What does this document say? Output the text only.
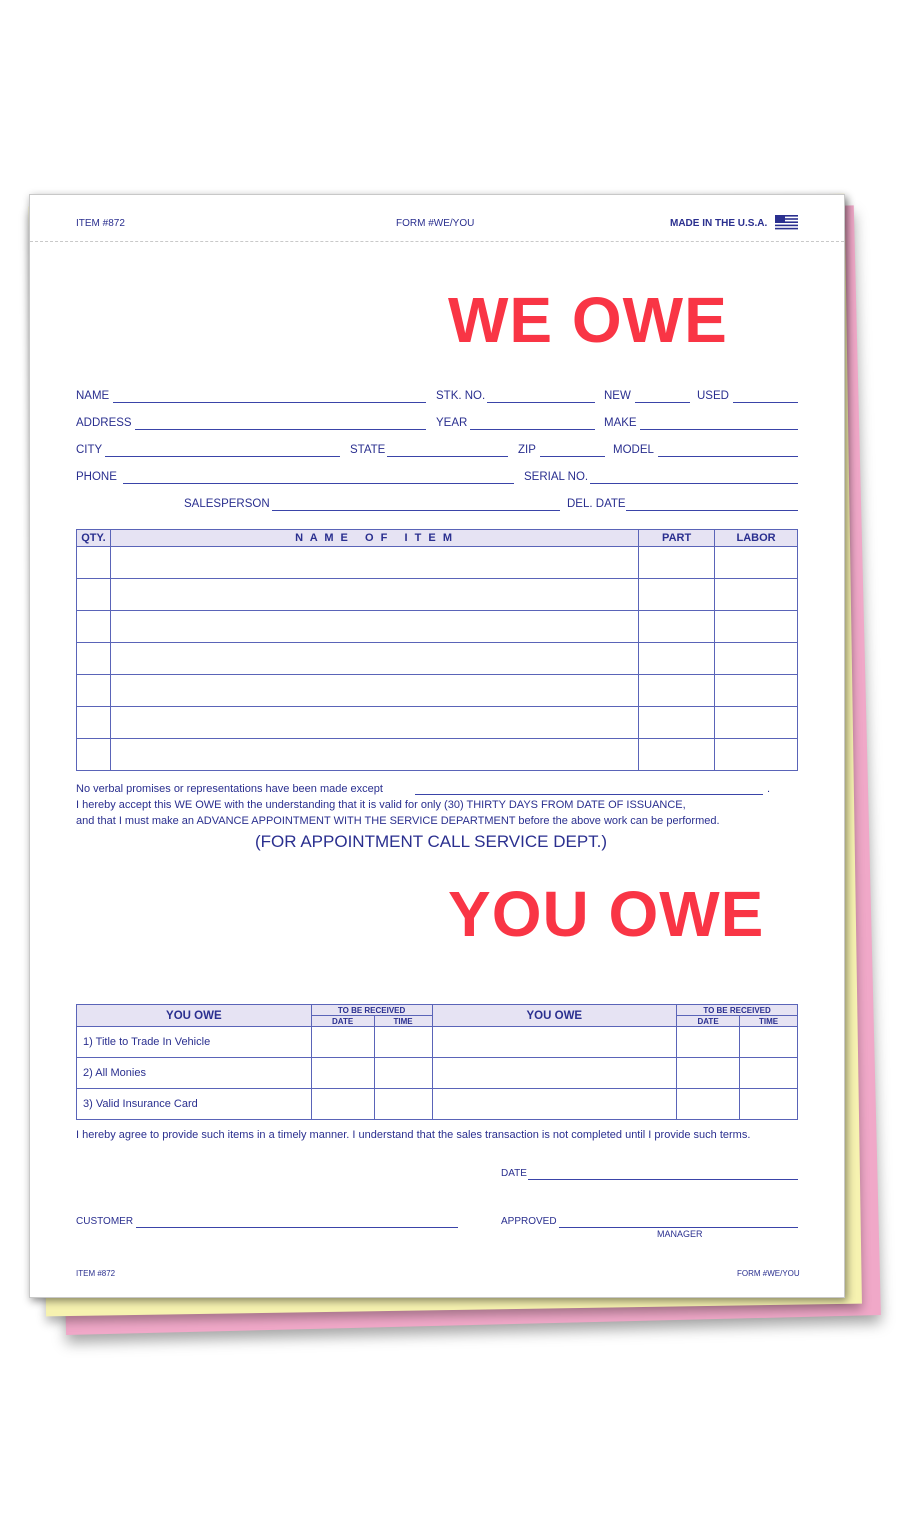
ITEM #872	FORM #WE/YOU	MADE IN THE U.S.A.
WE OWE
NAME	STK. NO.	NEW	USED
ADDRESS	YEAR	MAKE
CITY	STATE	ZIP	MODEL
PHONE	SERIAL NO.
SALESPERSON	DEL. DATE
QTY.	N A M E   O F   I T E M	PART	LABOR

No verbal promises or representations have been made except	.
I hereby accept this WE OWE with the understanding that it is valid for only (30) THIRTY DAYS FROM DATE OF ISSUANCE,
and that I must make an ADVANCE APPOINTMENT WITH THE SERVICE DEPARTMENT before the above work can be performed.
(FOR APPOINTMENT CALL SERVICE DEPT.)
YOU OWE
YOU OWE	TO BE RECEIVED		YOU OWE	TO BE RECEIVED	
	DATE	TIME		DATE	TIME
1) Title to Trade In Vehicle					
2) All Monies					
3) Valid Insurance Card					
I hereby agree to provide such items in a timely manner. I understand that the sales transaction is not completed until I provide such terms.
DATE
CUSTOMER	APPROVED
MANAGER
ITEM #872	FORM #WE/YOU
